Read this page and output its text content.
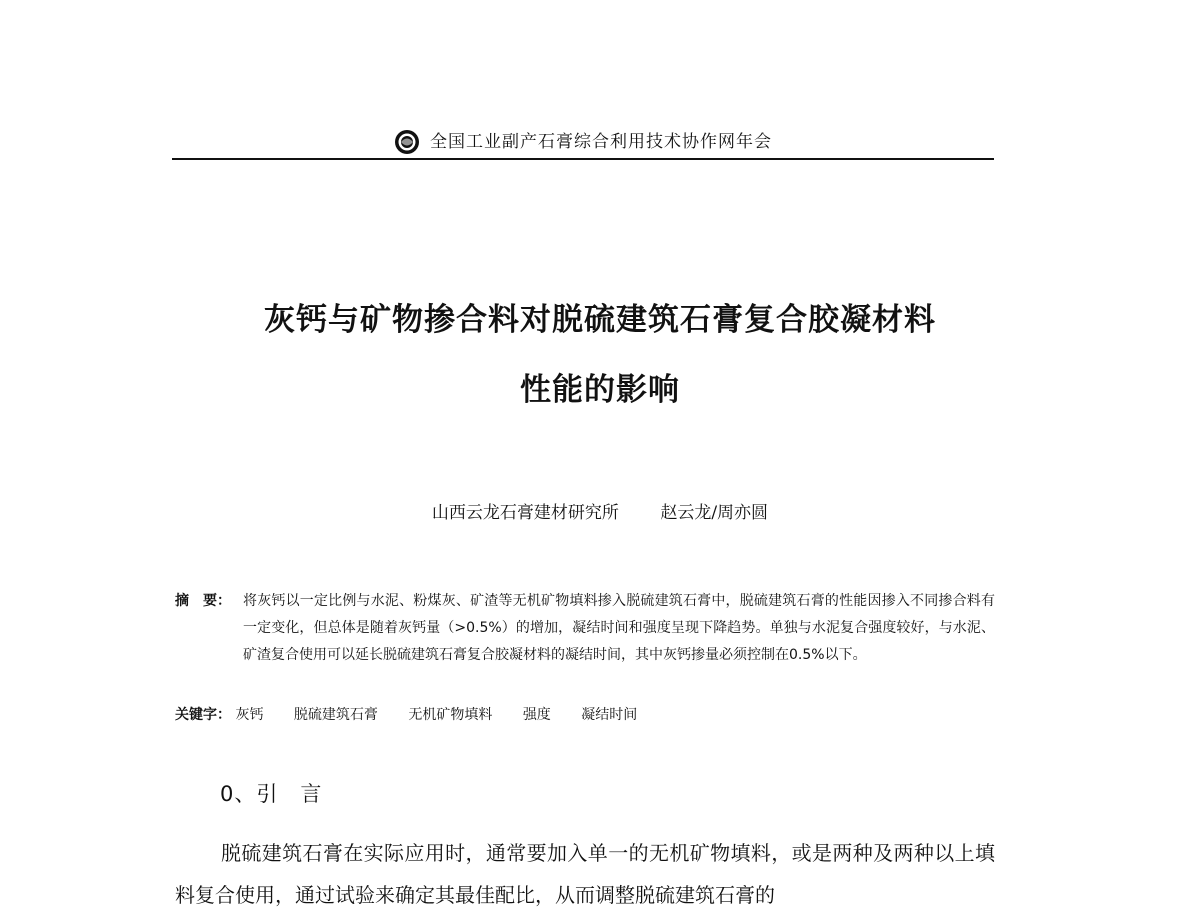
全国工业副产石膏综合利用技术协作网年会
灰钙与矿物掺合料对脱硫建筑石膏复合胶凝材料
性能的影响
山西云龙石膏建材研究所 赵云龙/周亦圆
摘　要： 将灰钙以一定比例与水泥、粉煤灰、矿渣等无机矿物填料掺入脱硫建筑石膏中，脱硫建筑石膏的性能因掺入不同掺合料有一定变化，但总体是随着灰钙量（>0.5%）的增加，凝结时间和强度呈现下降趋势。单独与水泥复合强度较好，与水泥、矿渣复合使用可以延长脱硫建筑石膏复合胶凝材料的凝结时间，其中灰钙掺量必须控制在0.5%以下。
关键字： 灰钙 脱硫建筑石膏 无机矿物填料 强度 凝结时间
0、引　言

脱硫建筑石膏在实际应用时，通常要加入单一的无机矿物填料，或是两种及两种以上填料复合使用，通过试验来确定其最佳配比，从而调整脱硫建筑石膏的
